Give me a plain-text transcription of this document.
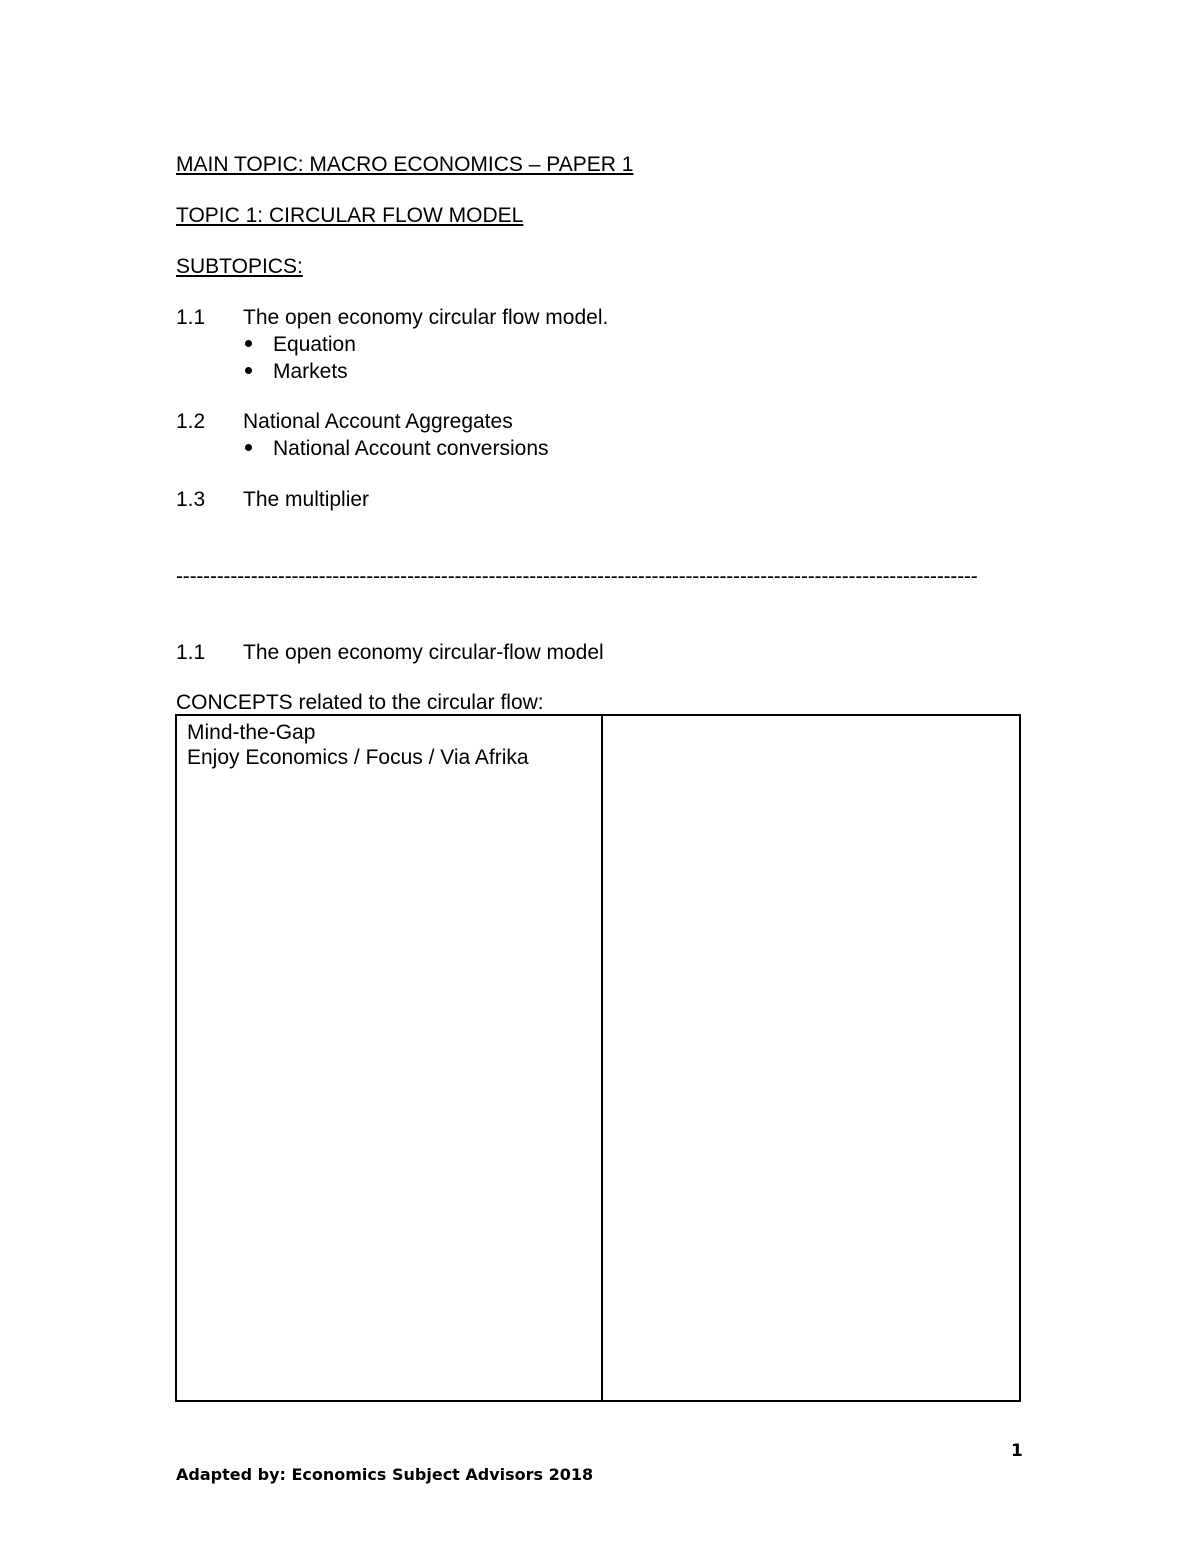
MAIN TOPIC: MACRO ECONOMICS – PAPER 1
TOPIC 1: CIRCULAR FLOW MODEL
SUBTOPICS:
1.1 The open economy circular flow model.
Equation
Markets
1.2 National Account Aggregates
National Account conversions
1.3 The multiplier
----------------------------------------------------------------------------------------------------------------------
1.1 The open economy circular-flow model
CONCEPTS related to the circular flow:
Mind-the-Gap
Enjoy Economics / Focus / Via Afrika
1
Adapted by: Economics Subject Advisors 2018
